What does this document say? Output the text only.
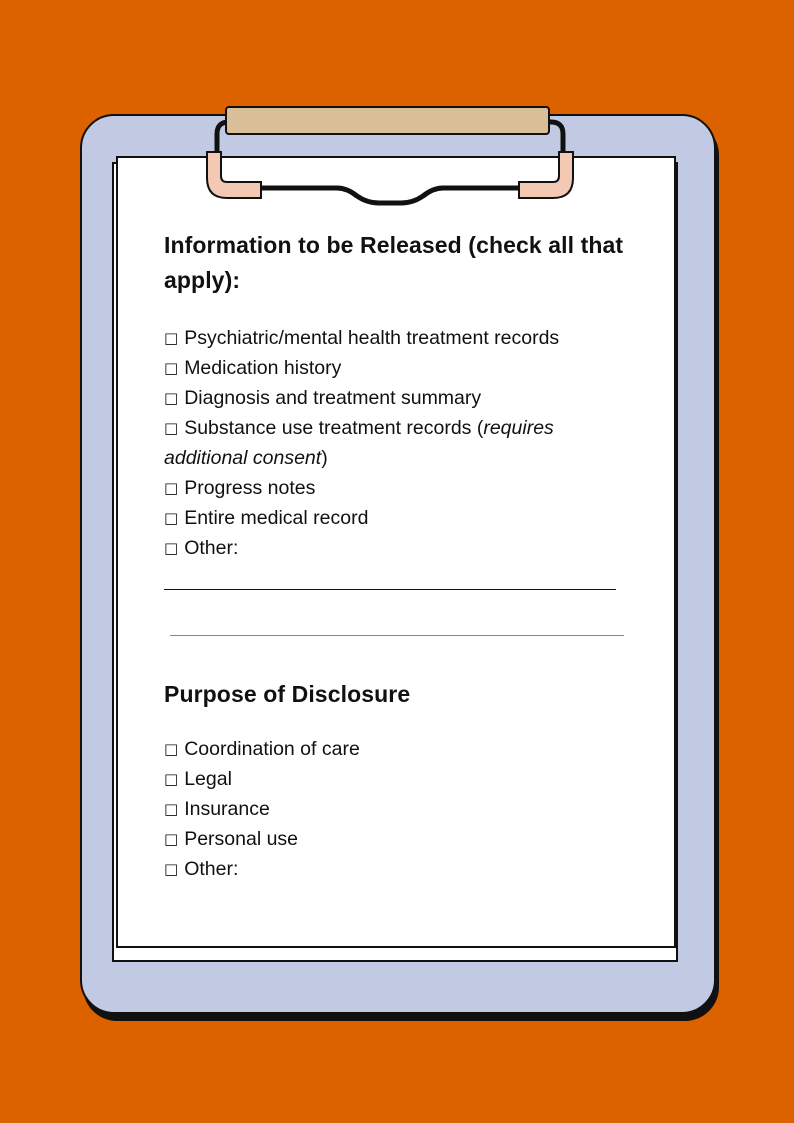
Information to be Released (check all that apply):
□ Psychiatric/mental health treatment records
□ Medication history
□ Diagnosis and treatment summary
□ Substance use treatment records (requires
additional consent)
□ Progress notes
□ Entire medical record
□ Other:
Purpose of Disclosure
□ Coordination of care
□ Legal
□ Insurance
□ Personal use
□ Other:
